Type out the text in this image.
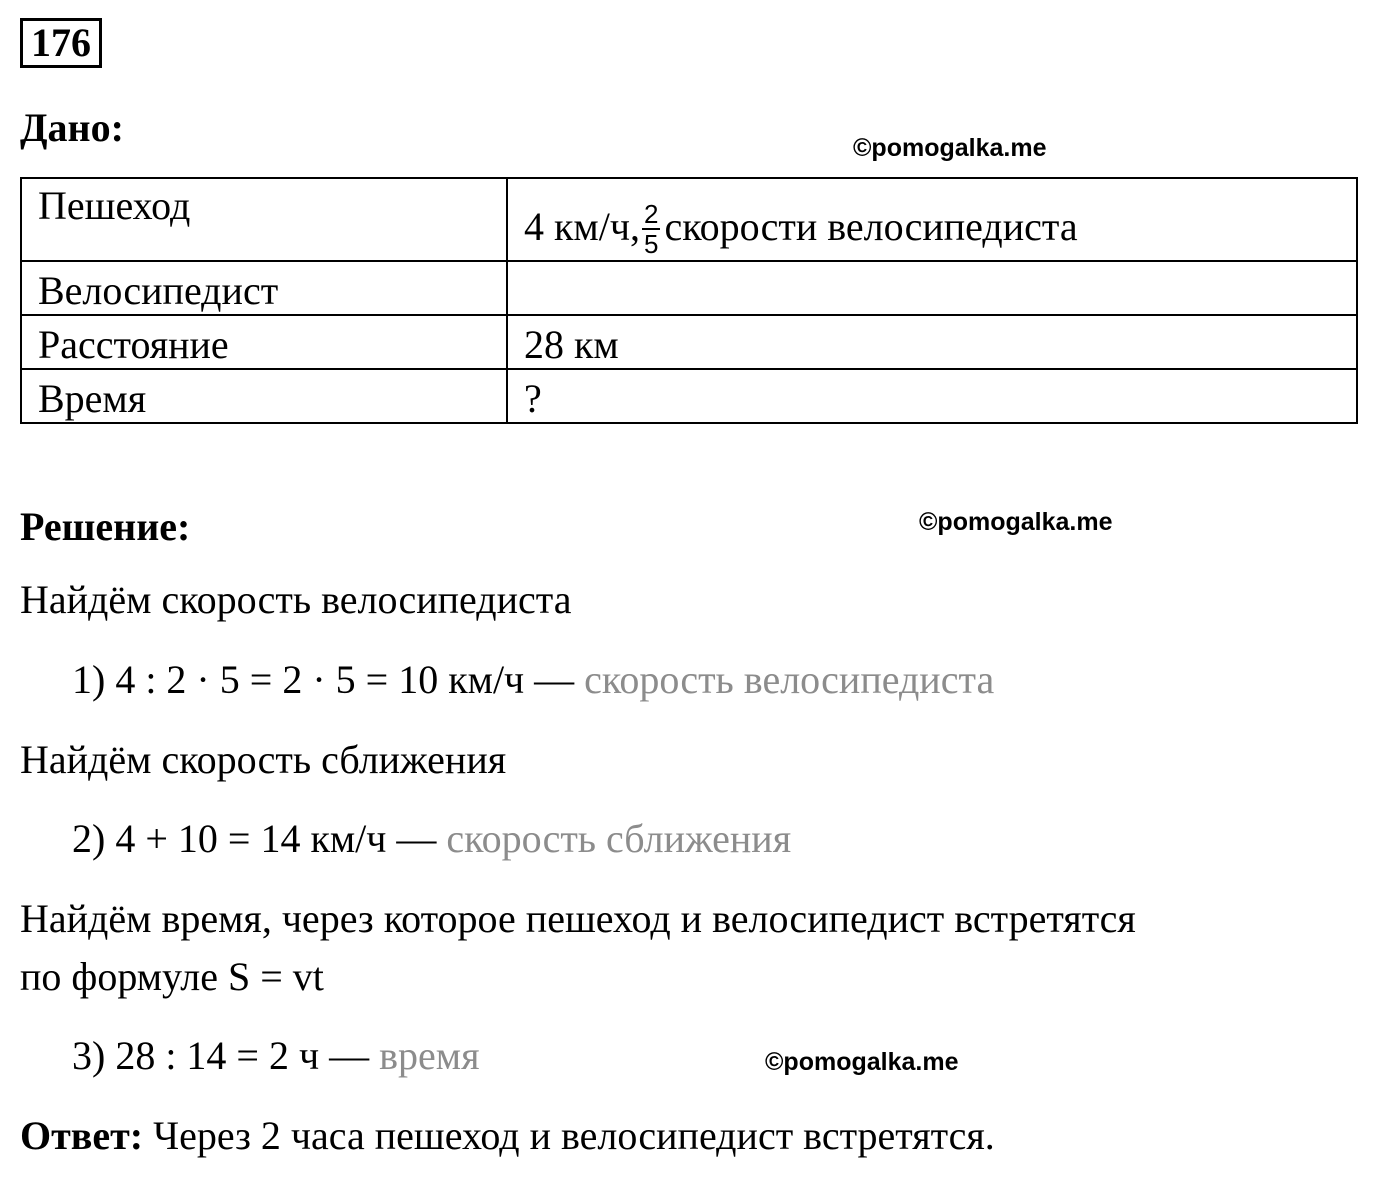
176
Дано:	©pomogalka.me
Пешеход	4 км/ч, $\frac{2}{5}$ скорости велосипедиста
Велосипедист	
Расстояние	28 км
Время	?
Решение:	©pomogalka.me
Найдём скорость велосипедиста
1) 4 : 2 · 5 = 2 · 5 = 10 км/ч — скорость велосипедиста
Найдём скорость сближения
2) 4 + 10 = 14 км/ч — скорость сближения
Найдём время, через которое пешеход и велосипедист встретятся
по формуле S = vt
3) 28 : 14 = 2 ч — время	©pomogalka.me
Ответ: Через 2 часа пешеход и велосипедист встретятся.
